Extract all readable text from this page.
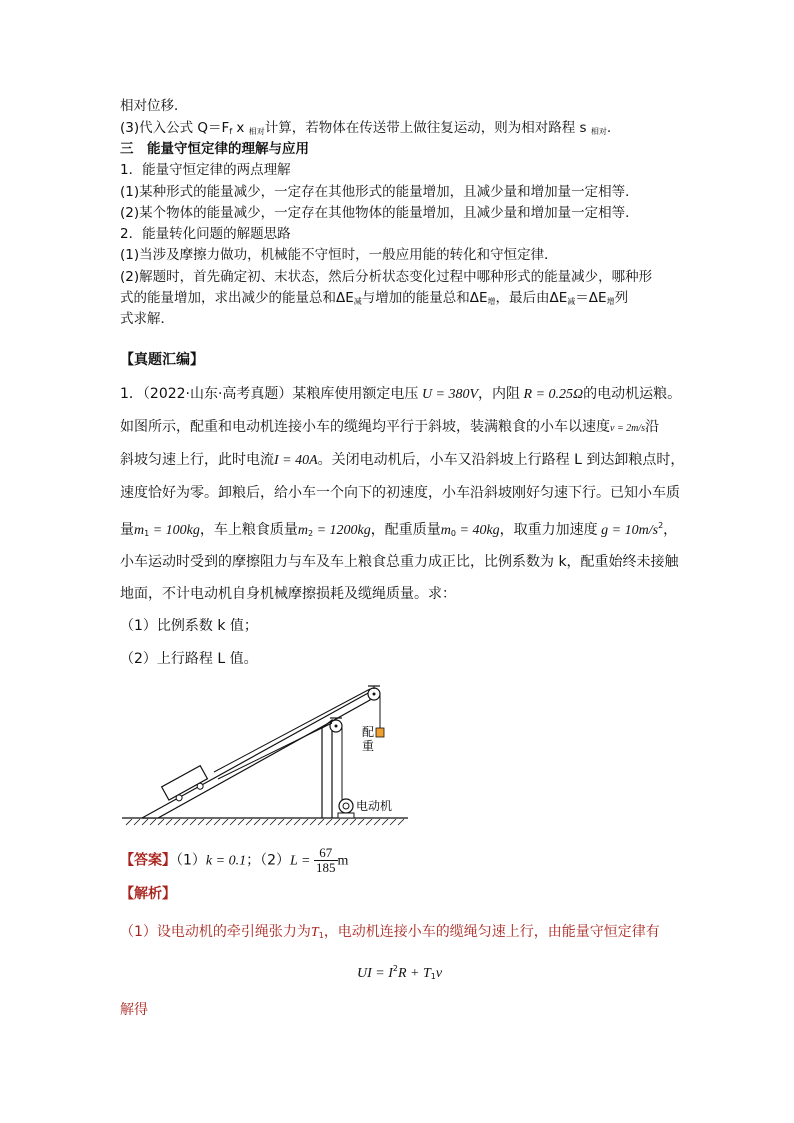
相对位移．
(3)代入公式 $Q=F_f$ x $_{相对}$计算，若物体在传送带上做往复运动，则为相对路程 s $_{相对}$.
三　能量守恒定律的理解与应用
1．能量守恒定律的两点理解
(1)某种形式的能量减少，一定存在其他形式的能量增加，且减少量和增加量一定相等．
(2)某个物体的能量减少，一定存在其他物体的能量增加，且减少量和增加量一定相等．
2．能量转化问题的解题思路
(1)当涉及摩擦力做功，机械能不守恒时，一般应用能的转化和守恒定律．
(2)解题时，首先确定初、末状态，然后分析状态变化过程中哪种形式的能量减少，哪种形
式的能量增加，求出减少的能量总和$\Delta E_减$与增加的能量总和$\Delta E_增$，最后由$\Delta E_减=\Delta E_增$列
式求解．
【真题汇编】
1．（2022·山东·高考真题）某粮库使用额定电压 U = 380V，内阻 R = 0.25Ω的电动机运粮。
如图所示，配重和电动机连接小车的缆绳均平行于斜坡，装满粮食的小车以速度v = 2m/s沿
斜坡匀速上行，此时电流I = 40A。关闭电动机后，小车又沿斜坡上行路程 L 到达卸粮点时，
速度恰好为零。卸粮后，给小车一个向下的初速度，小车沿斜坡刚好匀速下行。已知小车质
量$m_1 = 100kg$，车上粮食质量$m_2 = 1200kg$，配重质量$m_0 = 40kg$，取重力加速度 $g = 10m/s^2$，
小车运动时受到的摩擦阻力与车及车上粮食总重力成正比，比例系数为 k，配重始终未接触
地面，不计电动机自身机械摩擦损耗及缆绳质量。求：
（1）比例系数 k 值；
（2）上行路程 L 值。
配
重
电动机
【答案】（1）k = 0.1；$(2)L = \frac{67}{185}$ m
【解析】
（1）设电动机的牵引绳张力为$T_1$，电动机连接小车的缆绳匀速上行，由能量守恒定律有
UI = $I^2R + T_1v$
解得
